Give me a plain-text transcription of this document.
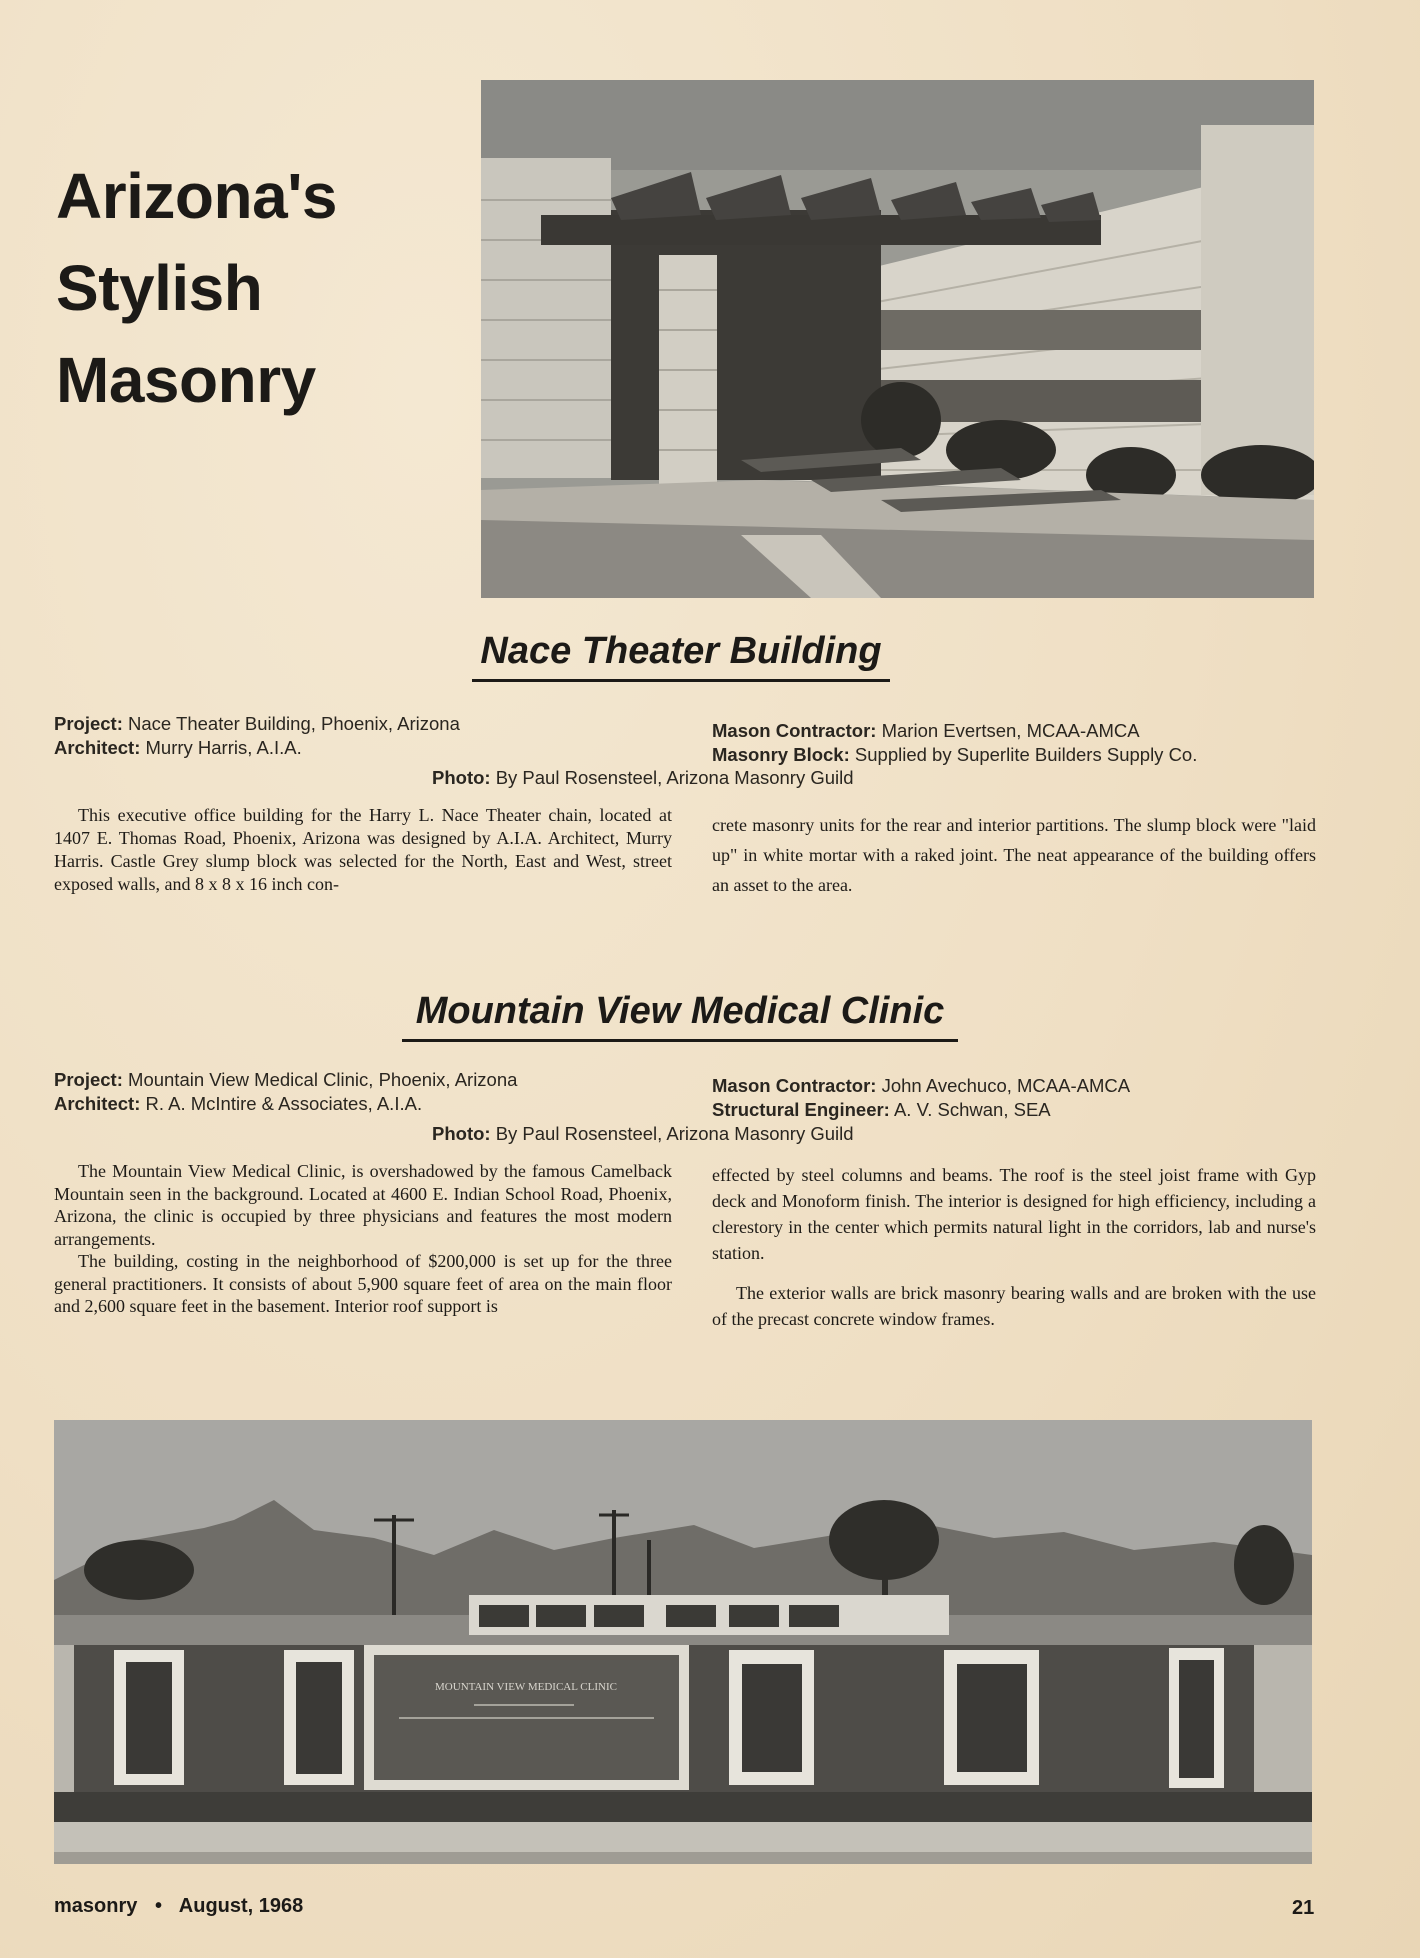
Arizona's
Stylish
Masonry
Nace Theater Building
Project: Nace Theater Building, Phoenix, Arizona
Architect: Murry Harris, A.I.A.
Mason Contractor: Marion Evertsen, MCAA-AMCA
Masonry Block: Supplied by Superlite Builders Supply Co.
Photo: By Paul Rosensteel, Arizona Masonry Guild

This executive office building for the Harry L. Nace Theater chain, located at 1407 E. Thomas Road, Phoenix, Arizona was designed by A.I.A. Architect, Murry Harris. Castle Grey slump block was selected for the North, East and West, street exposed walls, and 8 x 8 x 16 inch con-

crete masonry units for the rear and interior partitions. The slump block were "laid up" in white mortar with a raked joint. The neat appearance of the building offers an asset to the area.

Mountain View Medical Clinic
Project: Mountain View Medical Clinic, Phoenix, Arizona
Architect: R. A. McIntire & Associates, A.I.A.
Mason Contractor: John Avechuco, MCAA-AMCA
Structural Engineer: A. V. Schwan, SEA
Photo: By Paul Rosensteel, Arizona Masonry Guild

The Mountain View Medical Clinic, is overshadowed by the famous Camelback Mountain seen in the background. Located at 4600 E. Indian School Road, Phoenix, Arizona, the clinic is occupied by three physicians and features the most modern arrangements.

The building, costing in the neighborhood of $200,000 is set up for the three general practitioners. It consists of about 5,900 square feet of area on the main floor and 2,600 square feet in the basement. Interior roof support is

effected by steel columns and beams. The roof is the steel joist frame with Gyp deck and Monoform finish. The interior is designed for high efficiency, including a clerestory in the center which permits natural light in the corridors, lab and nurse's station.

The exterior walls are brick masonry bearing walls and are broken with the use of the precast concrete window frames.

MOUNTAIN VIEW MEDICAL CLINIC
masonry • August, 1968	21
